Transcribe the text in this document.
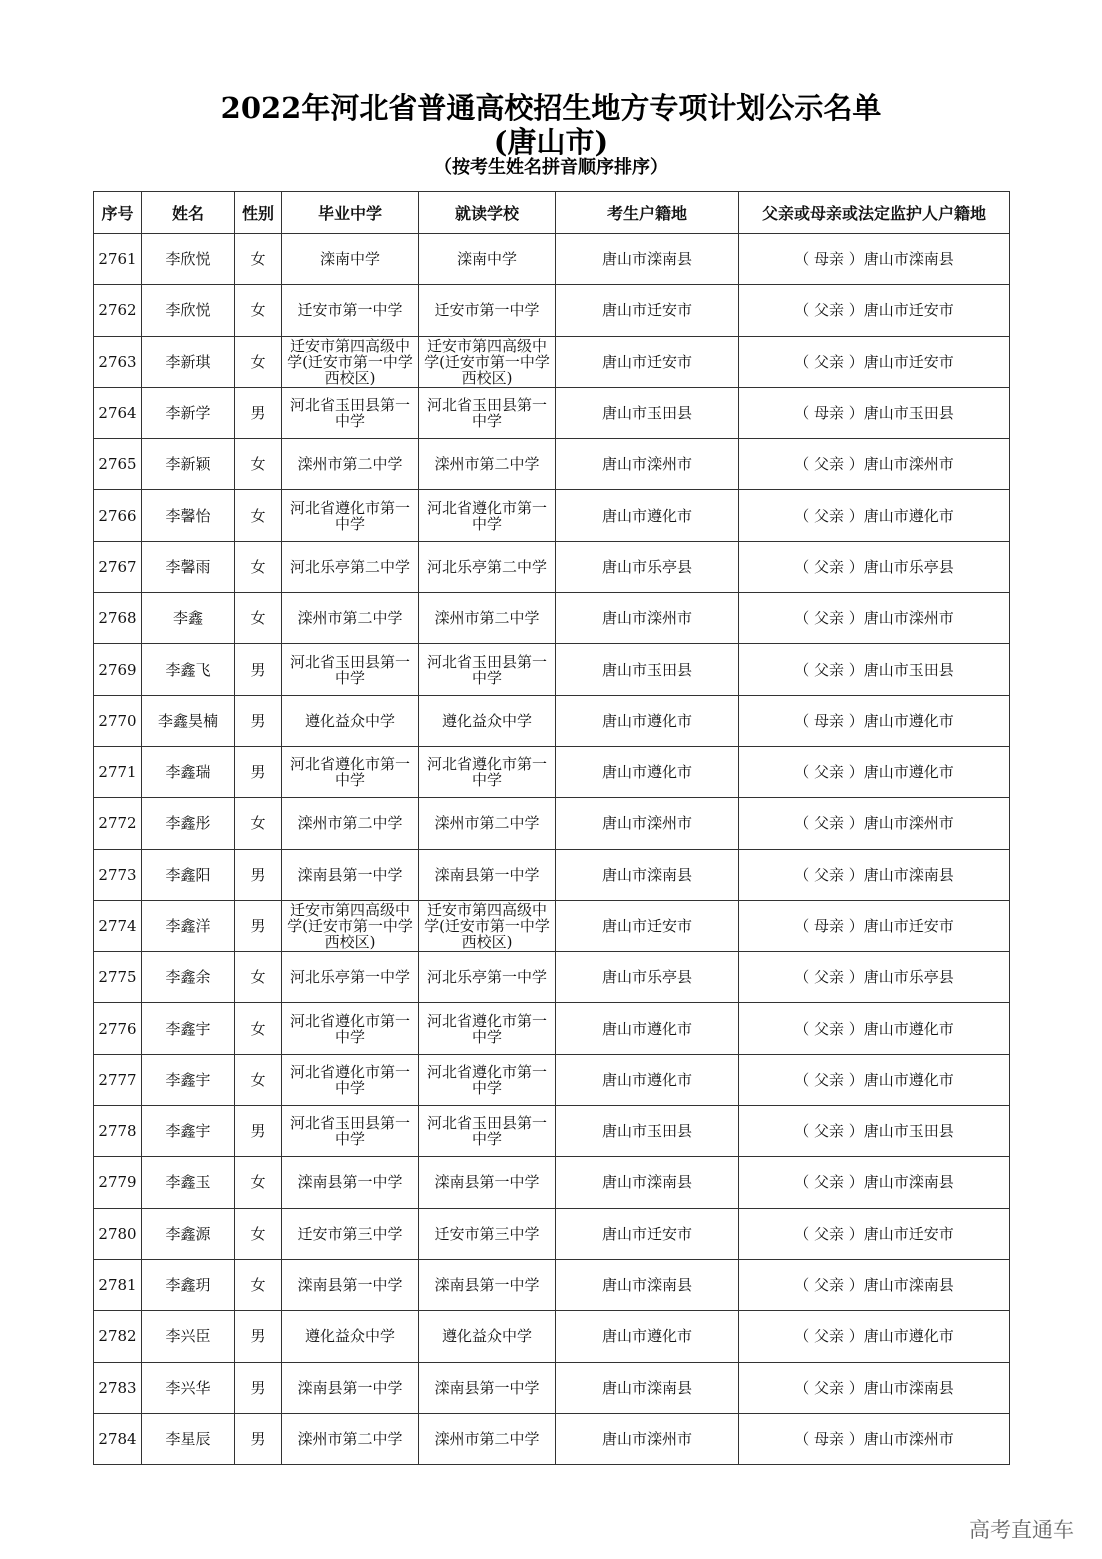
2022年河北省普通高校招生地方专项计划公示名单
(唐山市)
（按考生姓名拼音顺序排序）
序号	姓名	性别	毕业中学	就读学校	考生户籍地	父亲或母亲或法定监护人户籍地
2761	李欣悦	女	滦南中学	滦南中学	唐山市滦南县	（ 母亲 ）唐山市滦南县
2762	李欣悦	女	迁安市第一中学	迁安市第一中学	唐山市迁安市	（ 父亲 ）唐山市迁安市
2763	李新琪	女	迁安市第四高级中学(迁安市第一中学西校区)	迁安市第四高级中学(迁安市第一中学西校区)	唐山市迁安市	（ 父亲 ）唐山市迁安市
2764	李新学	男	河北省玉田县第一中学	河北省玉田县第一中学	唐山市玉田县	（ 母亲 ）唐山市玉田县
2765	李新颖	女	滦州市第二中学	滦州市第二中学	唐山市滦州市	（ 父亲 ）唐山市滦州市
2766	李馨怡	女	河北省遵化市第一中学	河北省遵化市第一中学	唐山市遵化市	（ 父亲 ）唐山市遵化市
2767	李馨雨	女	河北乐亭第二中学	河北乐亭第二中学	唐山市乐亭县	（ 父亲 ）唐山市乐亭县
2768	李鑫	女	滦州市第二中学	滦州市第二中学	唐山市滦州市	（ 父亲 ）唐山市滦州市
2769	李鑫飞	男	河北省玉田县第一中学	河北省玉田县第一中学	唐山市玉田县	（ 父亲 ）唐山市玉田县
2770	李鑫昊楠	男	遵化益众中学	遵化益众中学	唐山市遵化市	（ 母亲 ）唐山市遵化市
2771	李鑫瑞	男	河北省遵化市第一中学	河北省遵化市第一中学	唐山市遵化市	（ 父亲 ）唐山市遵化市
2772	李鑫彤	女	滦州市第二中学	滦州市第二中学	唐山市滦州市	（ 父亲 ）唐山市滦州市
2773	李鑫阳	男	滦南县第一中学	滦南县第一中学	唐山市滦南县	（ 父亲 ）唐山市滦南县
2774	李鑫洋	男	迁安市第四高级中学(迁安市第一中学西校区)	迁安市第四高级中学(迁安市第一中学西校区)	唐山市迁安市	（ 母亲 ）唐山市迁安市
2775	李鑫余	女	河北乐亭第一中学	河北乐亭第一中学	唐山市乐亭县	（ 父亲 ）唐山市乐亭县
2776	李鑫宇	女	河北省遵化市第一中学	河北省遵化市第一中学	唐山市遵化市	（ 父亲 ）唐山市遵化市
2777	李鑫宇	女	河北省遵化市第一中学	河北省遵化市第一中学	唐山市遵化市	（ 父亲 ）唐山市遵化市
2778	李鑫宇	男	河北省玉田县第一中学	河北省玉田县第一中学	唐山市玉田县	（ 父亲 ）唐山市玉田县
2779	李鑫玉	女	滦南县第一中学	滦南县第一中学	唐山市滦南县	（ 父亲 ）唐山市滦南县
2780	李鑫源	女	迁安市第三中学	迁安市第三中学	唐山市迁安市	（ 父亲 ）唐山市迁安市
2781	李鑫玥	女	滦南县第一中学	滦南县第一中学	唐山市滦南县	（ 父亲 ）唐山市滦南县
2782	李兴臣	男	遵化益众中学	遵化益众中学	唐山市遵化市	（ 父亲 ）唐山市遵化市
2783	李兴华	男	滦南县第一中学	滦南县第一中学	唐山市滦南县	（ 父亲 ）唐山市滦南县
2784	李星辰	男	滦州市第二中学	滦州市第二中学	唐山市滦州市	（ 母亲 ）唐山市滦州市
高考直通车
